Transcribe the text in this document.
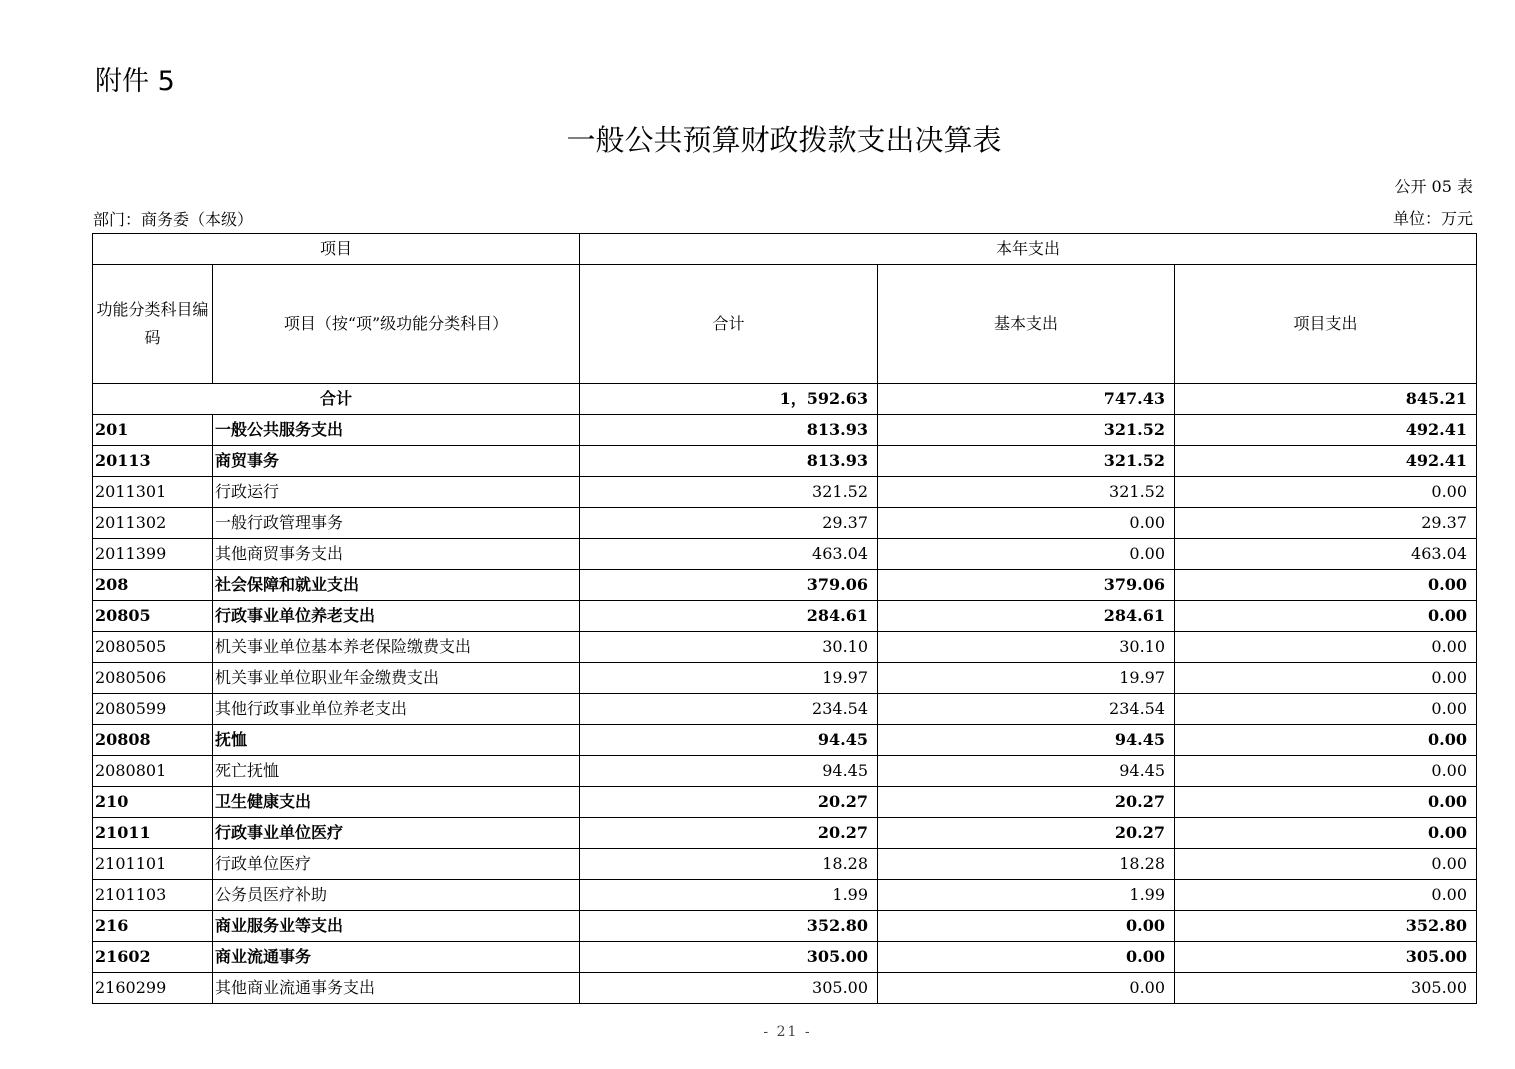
附件 5
一般公共预算财政拨款支出决算表
公开 05 表
部门：商务委（本级）	单位：万元
项目		本年支出		
功能分类科目编码	项目（按“项”级功能分类科目）	合计	基本支出	项目支出
合计		1，592.63	747.43	845.21
201	一般公共服务支出	813.93	321.52	492.41
20113	商贸事务	813.93	321.52	492.41
2011301	行政运行	321.52	321.52	0.00
2011302	一般行政管理事务	29.37	0.00	29.37
2011399	其他商贸事务支出	463.04	0.00	463.04
208	社会保障和就业支出	379.06	379.06	0.00
20805	行政事业单位养老支出	284.61	284.61	0.00
2080505	机关事业单位基本养老保险缴费支出	30.10	30.10	0.00
2080506	机关事业单位职业年金缴费支出	19.97	19.97	0.00
2080599	其他行政事业单位养老支出	234.54	234.54	0.00
20808	抚恤	94.45	94.45	0.00
2080801	死亡抚恤	94.45	94.45	0.00
210	卫生健康支出	20.27	20.27	0.00
21011	行政事业单位医疗	20.27	20.27	0.00
2101101	行政单位医疗	18.28	18.28	0.00
2101103	公务员医疗补助	1.99	1.99	0.00
216	商业服务业等支出	352.80	0.00	352.80
21602	商业流通事务	305.00	0.00	305.00
2160299	其他商业流通事务支出	305.00	0.00	305.00
- 21 -
